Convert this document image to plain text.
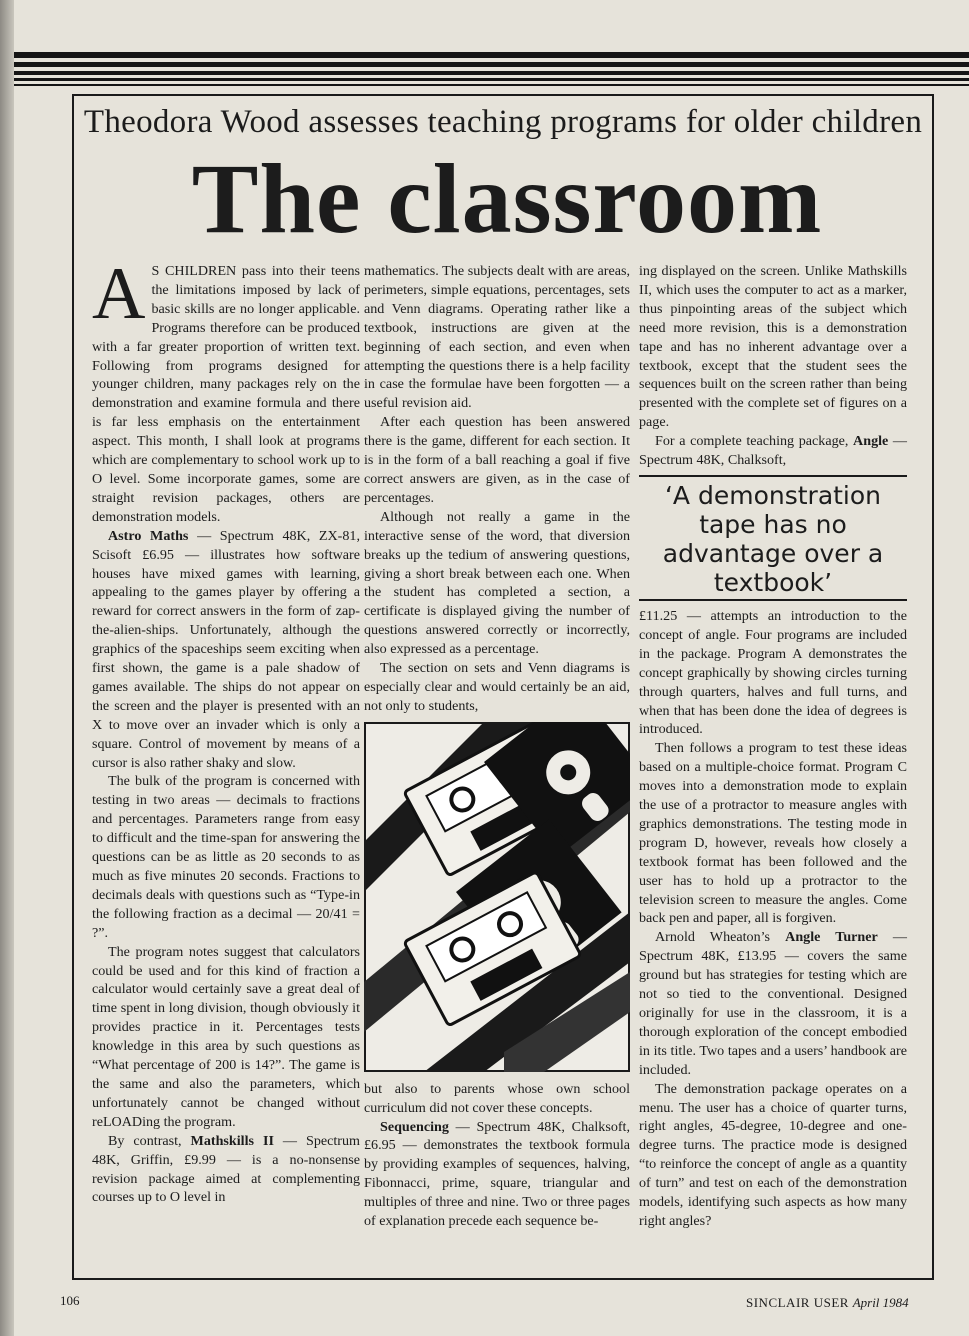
Theodora Wood assesses teaching programs for older children
The classroom

A S CHILDREN pass into their teens the limitations imposed by lack of basic skills are no longer applicable. Programs therefore can be produced with a far greater proportion of written text. Following from programs designed for younger children, many packages rely on the demonstration and examine formula and there is far less emphasis on the entertainment aspect. This month, I shall look at programs which are complementary to school work up to O level. Some incorporate games, some are straight revision packages, others are demonstration models.

Astro Maths — Spectrum 48K, ZX-81, Scisoft £6.95 — illustrates how software houses have mixed games with learning, appealing to the games player by offering a reward for correct answers in the form of zap-the-alien-ships. Unfortunately, although the graphics of the spaceships seem exciting when first shown, the game is a pale shadow of games available. The ships do not appear on the screen and the player is presented with an X to move over an invader which is only a square. Control of movement by means of a cursor is also rather shaky and slow.

The bulk of the program is concerned with testing in two areas — decimals to fractions and percentages. Parameters range from easy to difficult and the time-span for answering the questions can be as little as 20 seconds to as much as five minutes 20 seconds. Fractions to decimals deals with questions such as “Type-in the following fraction as a decimal — 20/41 = ?”.

The program notes suggest that calculators could be used and for this kind of fraction a calculator would certainly save a great deal of time spent in long division, though obviously it provides practice in it. Percentages tests knowledge in this area by such questions as “What percentage of 200 is 14?”. The game is the same and also the parameters, which unfortunately cannot be changed without reLOADing the program.

By contrast, Mathskills II — Spectrum 48K, Griffin, £9.99 — is a no-nonsense revision package aimed at complementing courses up to O level in

mathematics. The subjects dealt with are areas, perimeters, simple equations, percentages, sets and Venn diagrams. Operating rather like a textbook, instructions are given at the beginning of each section, and even when attempting the questions there is a help facility in case the formulae have been forgotten — a useful revision aid.

After each question has been answered there is the game, different for each section. It is in the form of a ball reaching a goal if five correct answers are given, as in the case of percentages.

Although not really a game in the interactive sense of the word, that diversion breaks up the tedium of answering questions, giving a short break between each one. When the student has completed a section, a certificate is displayed giving the number of questions answered correctly or incorrectly, also expressed as a percentage.

The section on sets and Venn diagrams is especially clear and would certainly be an aid, not only to students,

but also to parents whose own school curriculum did not cover these concepts.

Sequencing — Spectrum 48K, Chalksoft, £6.95 — demonstrates the textbook formula by providing examples of sequences, halving, Fibonnacci, prime, square, triangular and multiples of three and nine. Two or three pages of explanation precede each sequence be-

ing displayed on the screen. Unlike Mathskills II, which uses the computer to act as a marker, thus pinpointing areas of the subject which need more revision, this is a demonstration tape and has no inherent advantage over a textbook, except that the student sees the sequences built on the screen rather than being presented with the complete set of figures on a page.

For a complete teaching package, Angle — Spectrum 48K, Chalksoft,

‘A demonstration
tape has no
advantage over a
textbook’

£11.25 — attempts an introduction to the concept of angle. Four programs are included in the package. Program A demonstrates the concept graphically by showing circles turning through quarters, halves and full turns, and when that has been done the idea of degrees is introduced.

Then follows a program to test these ideas based on a multiple-choice format. Program C moves into a demonstration mode to explain the use of a protractor to measure angles with graphics demonstrations. The testing mode in program D, however, reveals how closely a textbook format has been followed and the user has to hold up a protractor to the television screen to measure the angles. Come back pen and paper, all is forgiven.

Arnold Wheaton’s Angle Turner — Spectrum 48K, £13.95 — covers the same ground but has strategies for testing which are not so tied to the conventional. Designed originally for use in the classroom, it is a thorough exploration of the concept embodied in its title. Two tapes and a users’ handbook are included.

The demonstration package operates on a menu. The user has a choice of quarter turns, right angles, 45-degree, 10-degree and one-degree turns. The practice mode is designed “to reinforce the concept of angle as a quantity of turn” and test on each of the demonstration models, identifying such aspects as how many right angles?

106	SINCLAIR USER April 1984
